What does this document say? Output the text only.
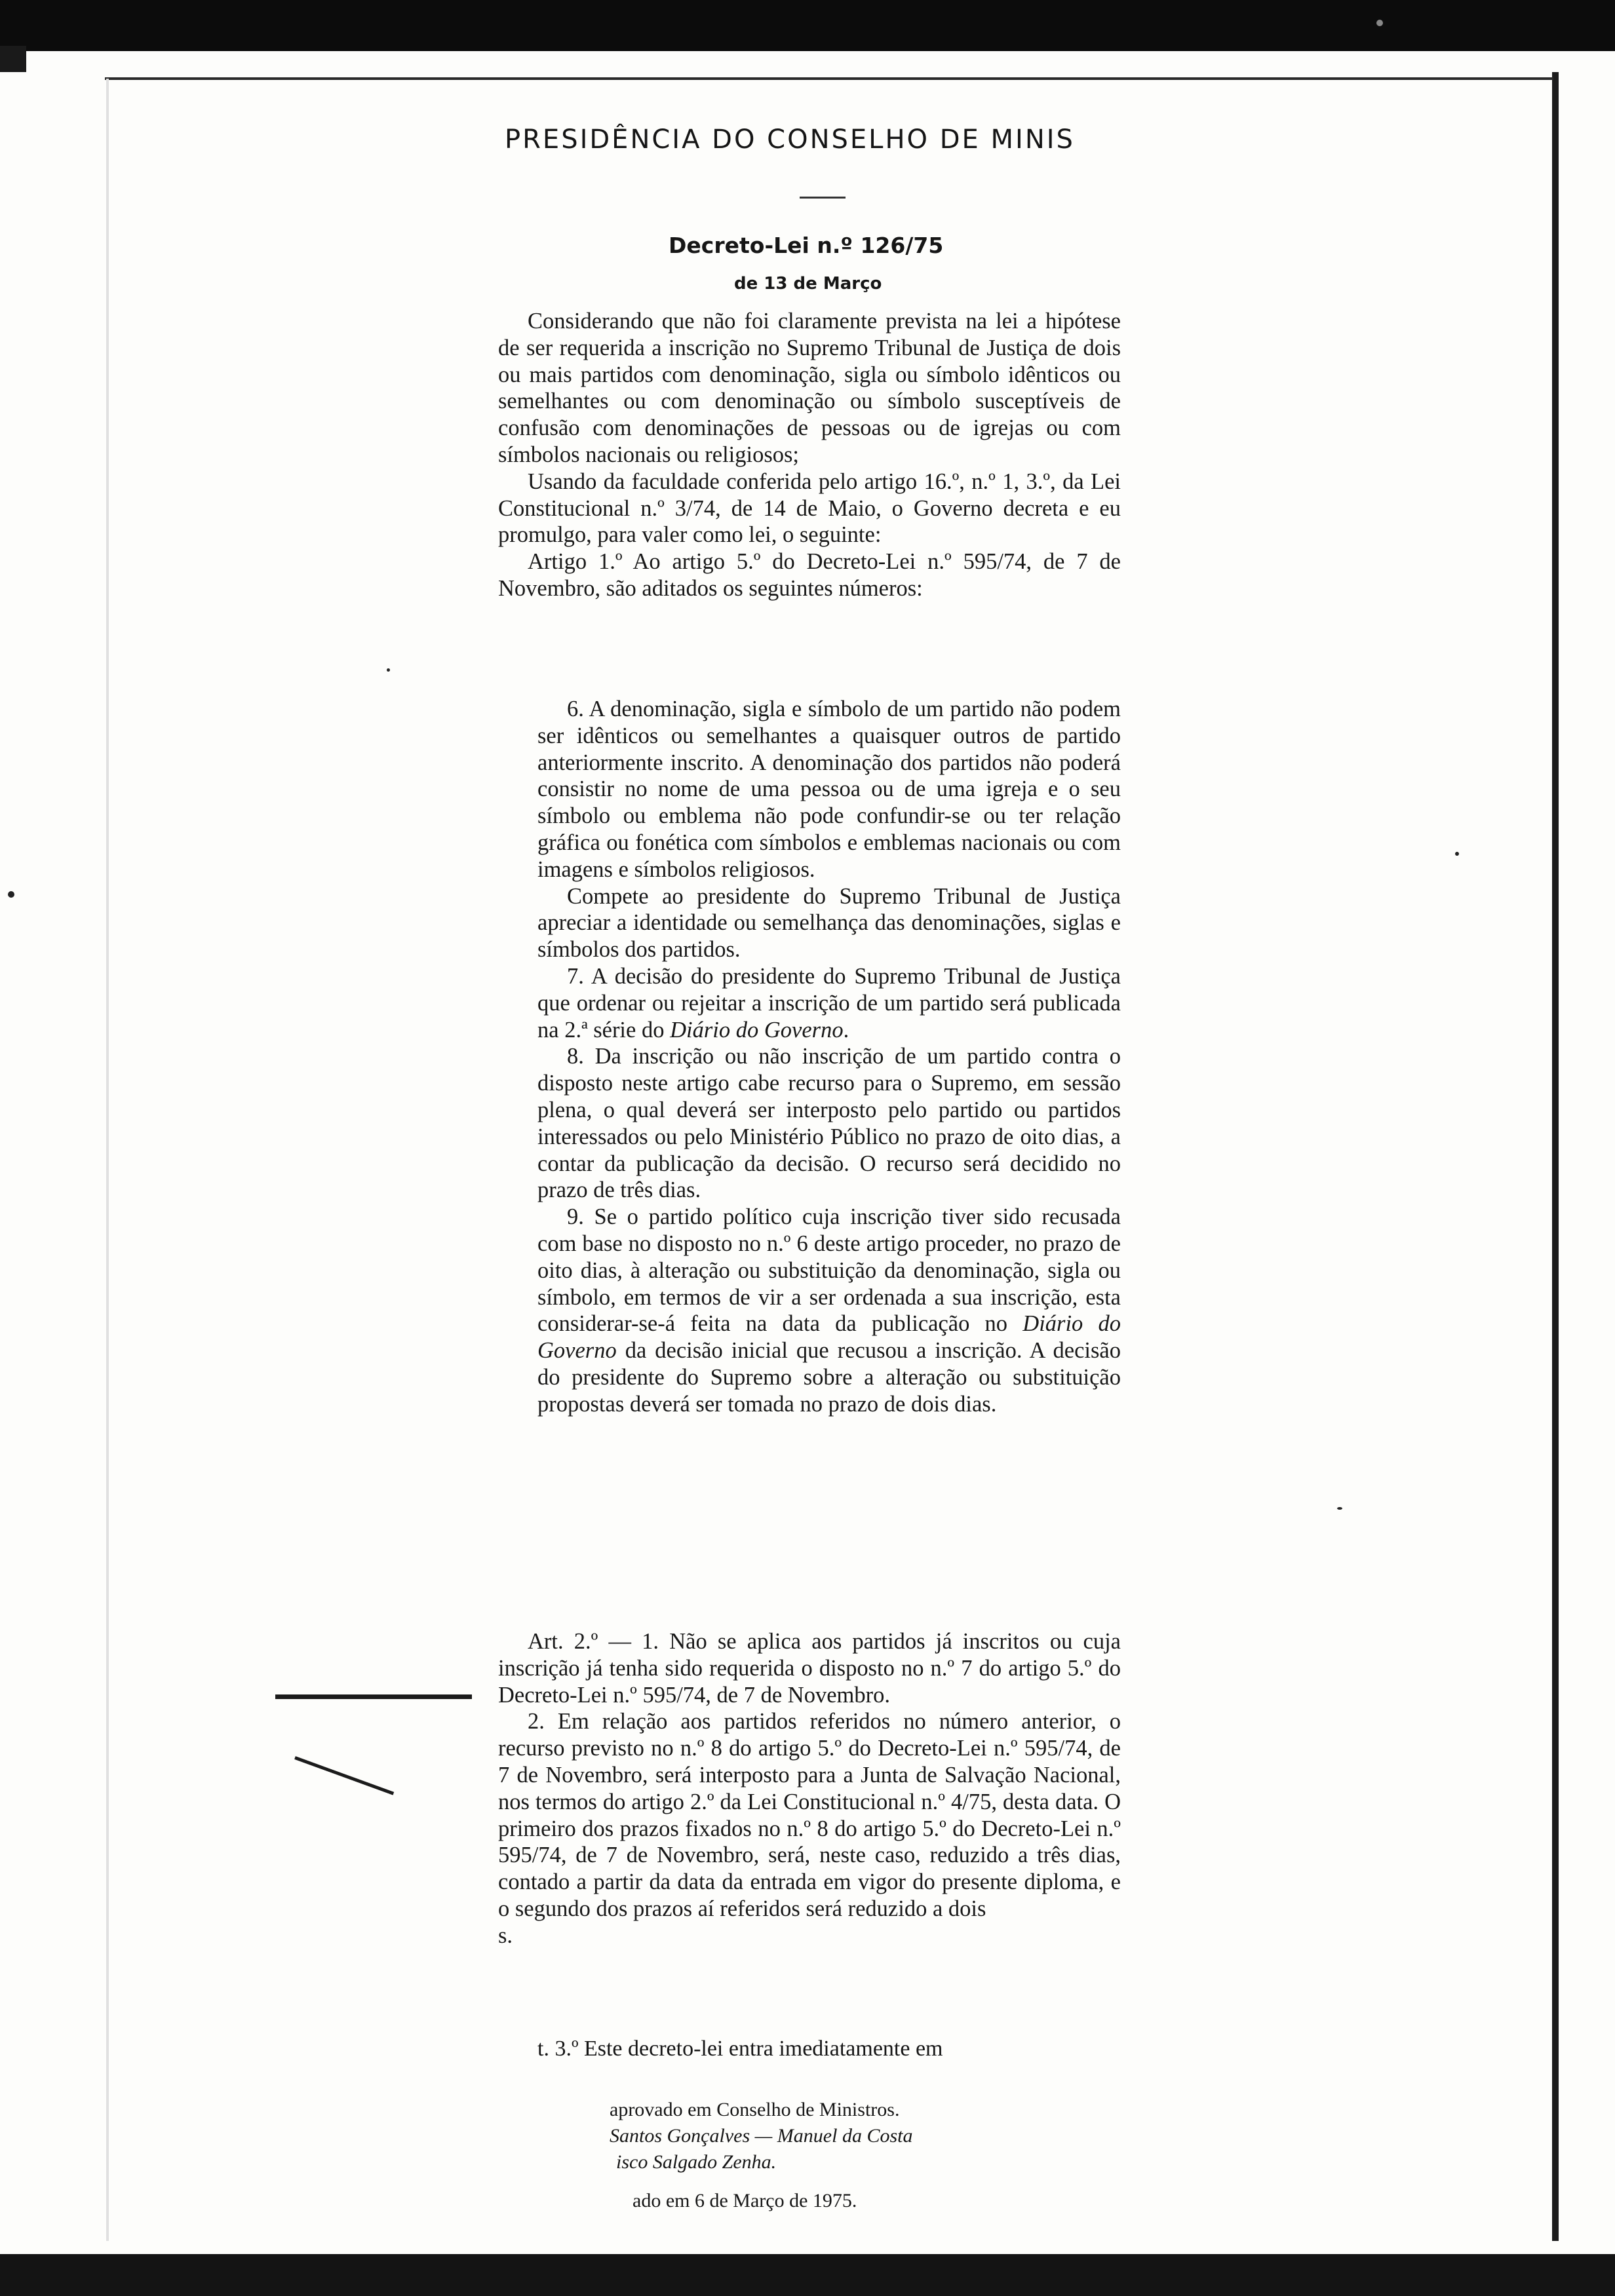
PRESIDÊNCIA DO CONSELHO DE MINIS
Decreto-Lei n.º 126/75
de 13 de Março

Considerando que não foi claramente prevista na lei a hipótese de ser requerida a inscrição no Supremo Tribunal de Justiça de dois ou mais partidos com denominação, sigla ou símbolo idênticos ou semelhantes ou com denominação ou símbolo susceptíveis de confusão com denominações de pessoas ou de igrejas ou com símbolos nacionais ou religiosos;

Usando da faculdade conferida pelo artigo 16.º, n.º 1, 3.º, da Lei Constitucional n.º 3/74, de 14 de Maio, o Governo decreta e eu promulgo, para valer como lei, o seguinte:

Artigo 1.º Ao artigo 5.º do Decreto-Lei n.º 595/74, de 7 de Novembro, são aditados os seguintes números:

6. A denominação, sigla e símbolo de um partido não podem ser idênticos ou semelhantes a quaisquer outros de partido anteriormente inscrito. A denominação dos partidos não poderá consistir no nome de uma pessoa ou de uma igreja e o seu símbolo ou emblema não pode confundir-se ou ter relação gráfica ou fonética com símbolos e emblemas nacionais ou com imagens e símbolos religiosos.

Compete ao presidente do Supremo Tribunal de Justiça apreciar a identidade ou semelhança das denominações, siglas e símbolos dos partidos.

7. A decisão do presidente do Supremo Tribunal de Justiça que ordenar ou rejeitar a inscrição de um partido será publicada na 2.ª série do Diário do Governo.

8. Da inscrição ou não inscrição de um partido contra o disposto neste artigo cabe recurso para o Supremo, em sessão plena, o qual deverá ser interposto pelo partido ou partidos interessados ou pelo Ministério Público no prazo de oito dias, a contar da publicação da decisão. O recurso será decidido no prazo de três dias.

9. Se o partido político cuja inscrição tiver sido recusada com base no disposto no n.º 6 deste artigo proceder, no prazo de oito dias, à alteração ou substituição da denominação, sigla ou símbolo, em termos de vir a ser ordenada a sua inscrição, esta considerar-se-á feita na data da publicação no Diário do Governo da decisão inicial que recusou a inscrição. A decisão do presidente do Supremo sobre a alteração ou substituição propostas deverá ser tomada no prazo de dois dias.

Art. 2.º — 1. Não se aplica aos partidos já inscritos ou cuja inscrição já tenha sido requerida o disposto no n.º 7 do artigo 5.º do Decreto-Lei n.º 595/74, de 7 de Novembro.

2. Em relação aos partidos referidos no número anterior, o recurso previsto no n.º 8 do artigo 5.º do Decreto-Lei n.º 595/74, de 7 de Novembro, será interposto para a Junta de Salvação Nacional, nos termos do artigo 2.º da Lei Constitucional n.º 4/75, desta data. O primeiro dos prazos fixados no n.º 8 do artigo 5.º do Decreto-Lei n.º 595/74, de 7 de Novembro, será, neste caso, reduzido a três dias, contado a partir da data da entrada em vigor do presente diploma, e o segundo dos prazos aí referidos será reduzido a dois
s.

t. 3.º Este decreto-lei entra imediatamente em
aprovado em Conselho de Ministros.
Santos Gonçalves — Manuel da Costa
isco Salgado Zenha.
ado em 6 de Março de 1975.
